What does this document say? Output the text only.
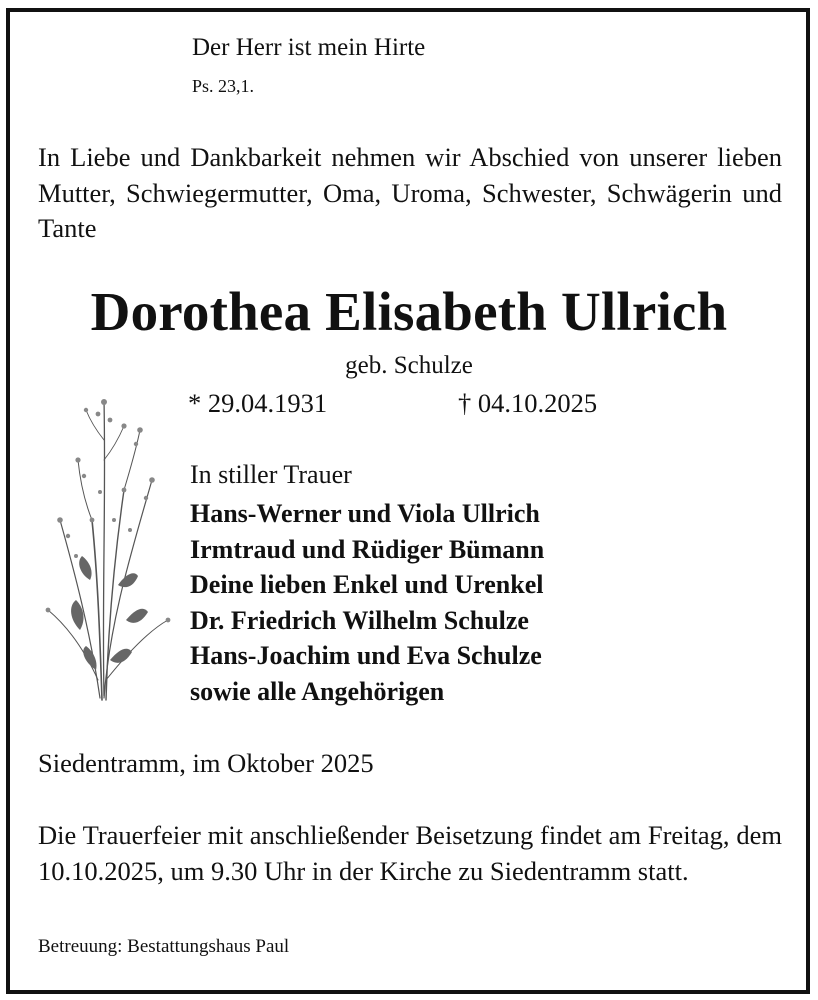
Der Herr ist mein Hirte

Ps. 23,1.

In Liebe und Dankbarkeit nehmen wir Abschied von unserer lieben Mutter, Schwiegermutter, Oma, Uroma, Schwester, Schwägerin und Tante

Dorothea Elisabeth Ullrich

geb. Schulze

* 29.04.1931	† 04.10.2025

In stiller Trauer

Hans-Werner und Viola Ullrich
Irmtraud und Rüdiger Bümann
Deine lieben Enkel und Urenkel
Dr. Friedrich Wilhelm Schulze
Hans-Joachim und Eva Schulze
sowie alle Angehörigen

Siedentramm, im Oktober 2025

Die Trauerfeier mit anschließender Beisetzung findet am Freitag, dem 10.10.2025, um 9.30 Uhr in der Kirche zu Siedentramm statt.

Betreuung: Bestattungshaus Paul
